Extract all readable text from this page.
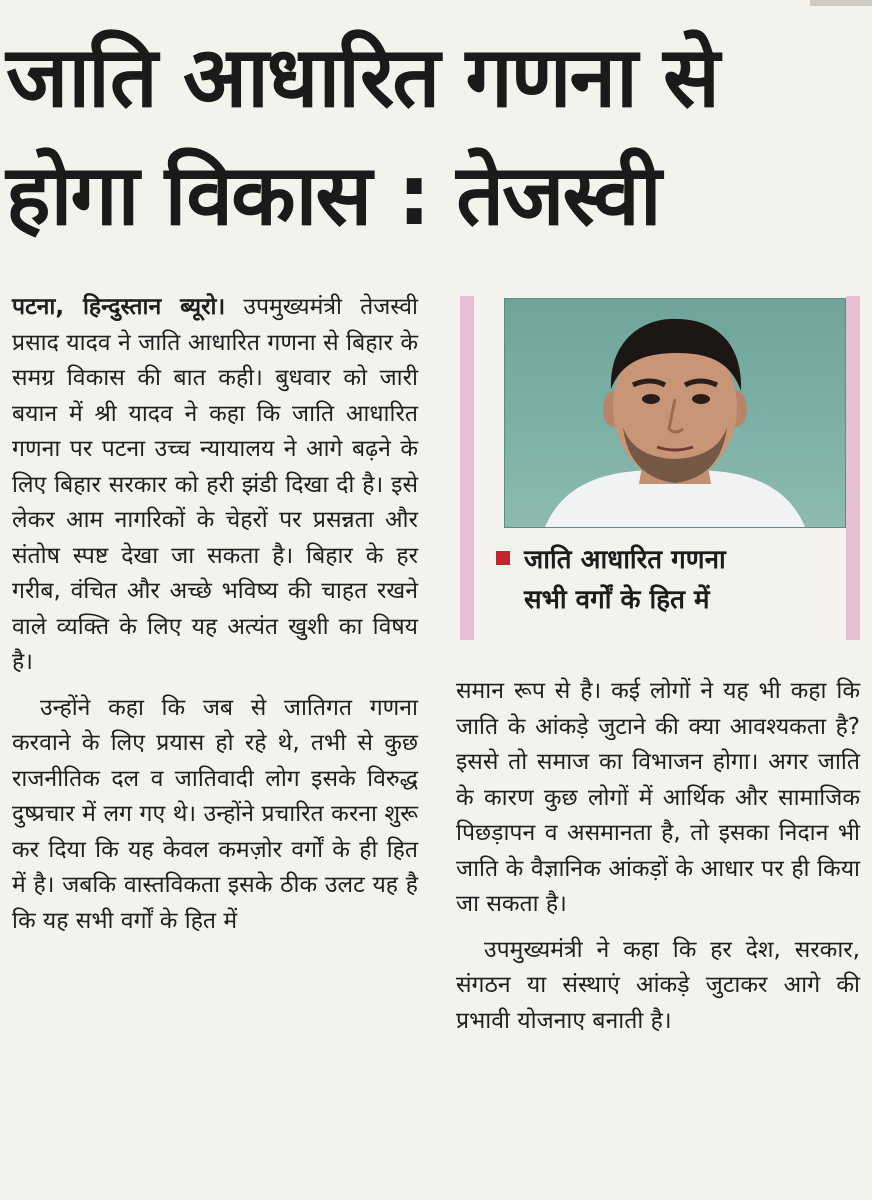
जाति आधारित गणना से
होगा विकास : तेजस्वी

पटना, हिन्दुस्तान ब्यूरो। उपमुख्यमंत्री तेजस्वी प्रसाद यादव ने जाति आधारित गणना से बिहार के समग्र विकास की बात कही। बुधवार को जारी बयान में श्री यादव ने कहा कि जाति आधारित गणना पर पटना उच्च न्यायालय ने आगे बढ़ने के लिए बिहार सरकार को हरी झंडी दिखा दी है। इसे लेकर आम नागरिकों के चेहरों पर प्रसन्नता और संतोष स्पष्ट देखा जा सकता है। बिहार के हर गरीब, वंचित और अच्छे भविष्य की चाहत रखने वाले व्यक्ति के लिए यह अत्यंत खुशी का विषय है।

उन्होंने कहा कि जब से जातिगत गणना करवाने के लिए प्रयास हो रहे थे, तभी से कुछ राजनीतिक दल व जातिवादी लोग इसके विरुद्ध दुष्प्रचार में लग गए थे। उन्होंने प्रचारित करना शुरू कर दिया कि यह केवल कमज़ोर वर्गों के ही हित में है। जबकि वास्तविकता इसके ठीक उलट यह है कि यह सभी वर्गों के हित में

जाति आधारित गणना
सभी वर्गों के हित में

समान रूप से है। कई लोगों ने यह भी कहा कि जाति के आंकड़े जुटाने की क्या आवश्यकता है? इससे तो समाज का विभाजन होगा। अगर जाति के कारण कुछ लोगों में आर्थिक और सामाजिक पिछड़ापन व असमानता है, तो इसका निदान भी जाति के वैज्ञानिक आंकड़ों के आधार पर ही किया जा सकता है।

उपमुख्यमंत्री ने कहा कि हर देश, सरकार, संगठन या संस्थाएं आंकड़े जुटाकर आगे की प्रभावी योजनाए बनाती है।
